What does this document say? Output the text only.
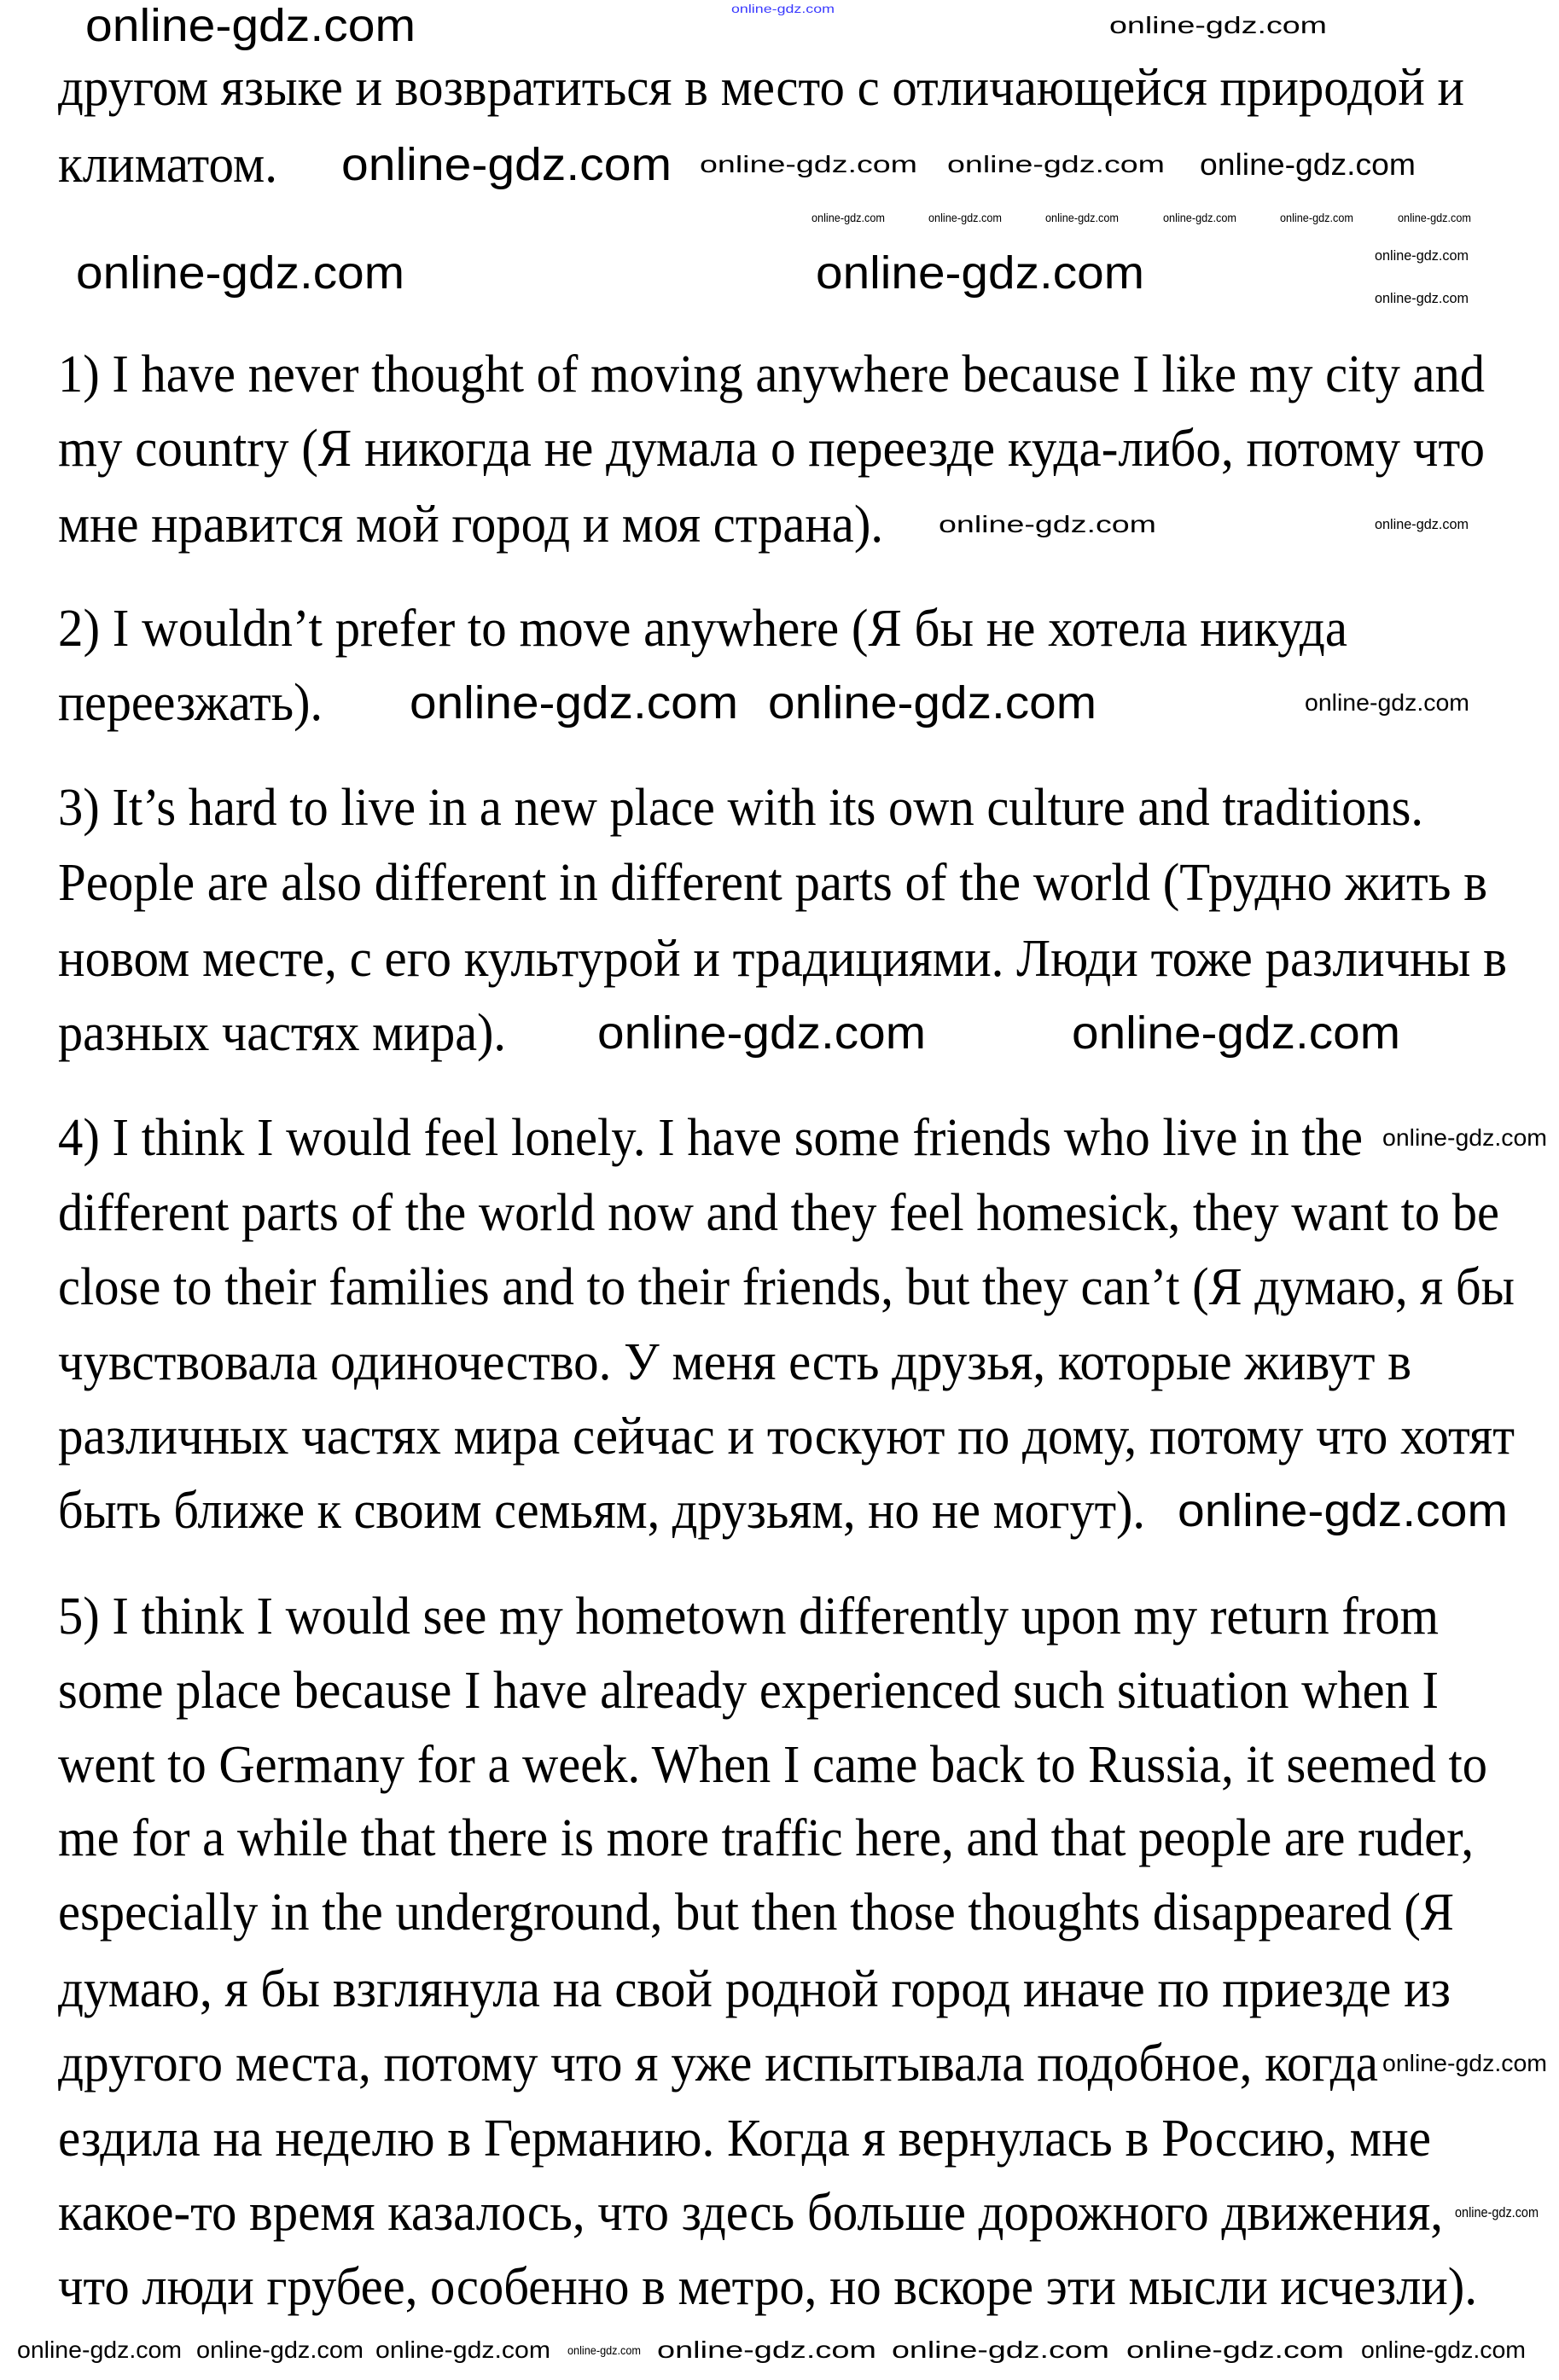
другом языке и возвратиться в место с отличающейся природой и
климатом.
1) I have never thought of moving anywhere because I like my city and
my country (Я никогда не думала о переезде куда-либо, потому что
мне нравится мой город и моя страна).
2) I wouldn’t prefer to move anywhere (Я бы не хотела никуда
переезжать).
3) It’s hard to live in a new place with its own culture and traditions.
People are also different in different parts of the world (Трудно жить в
новом месте, с его культурой и традициями. Люди тоже различны в
разных частях мира).
4) I think I would feel lonely. I have some friends who live in the
different parts of the world now and they feel homesick, they want to be
close to their families and to their friends, but they can’t (Я думаю, я бы
чувствовала одиночество. У меня есть друзья, которые живут в
различных частях мира сейчас и тоскуют по дому, потому что хотят
быть ближе к своим семьям, друзьям, но не могут).
5) I think I would see my hometown differently upon my return from
some place because I have already experienced such situation when I
went to Germany for a week. When I came back to Russia, it seemed to
me for a while that there is more traffic here, and that people are ruder,
especially in the underground, but then those thoughts disappeared (Я
думаю, я бы взглянула на свой родной город иначе по приезде из
другого места, потому что я уже испытывала подобное, когда
ездила на неделю в Германию. Когда я вернулась в Россию, мне
какое-то время казалось, что здесь больше дорожного движения,
что люди грубее, особенно в метро, но вскоре эти мысли исчезли).
online-gdz.com
online-gdz.com	online-gdz.com
online-gdz.com online-gdz.com online-gdz.com online-gdz.com
online-gdz.com	online-gdz.com	online-gdz.com	online-gdz.com	online-gdz.com	online-gdz.com
online-gdz.com	online-gdz.com	online-gdz.com
online-gdz.com
online-gdz.com	online-gdz.com
online-gdz.com online-gdz.com	online-gdz.com
online-gdz.com	online-gdz.com
online-gdz.com
online-gdz.com
online-gdz.com
online-gdz.com
online-gdz.com online-gdz.com online-gdz.com online-gdz.com online-gdz.com online-gdz.com online-gdz.com online-gdz.com
